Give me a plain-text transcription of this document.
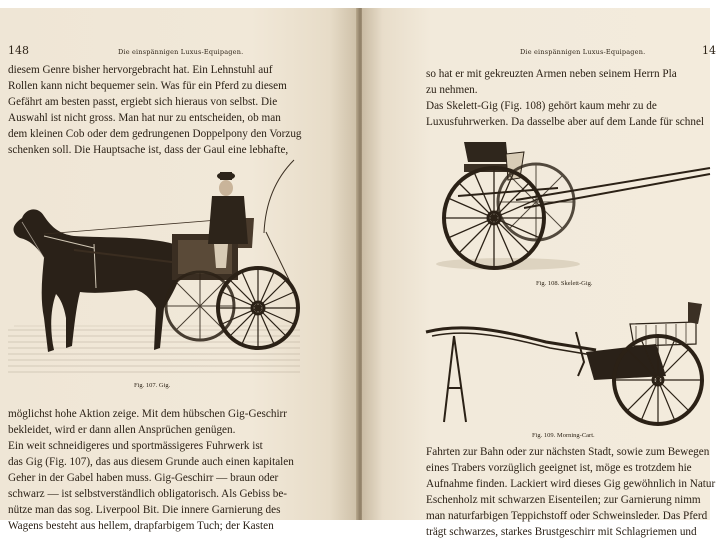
148	Die einspännigen Luxus-Equipagen.
diesem Genre bisher hervorgebracht hat. Ein Lehnstuhl auf
Rollen kann nicht bequemer sein. Was für ein Pferd zu diesem
Gefährt am besten passt, ergiebt sich hieraus von selbst. Die
Auswahl ist nicht gross. Man hat nur zu entscheiden, ob man
dem kleinen Cob oder dem gedrungenen Doppelpony den Vorzug
schenken soll. Die Hauptsache ist, dass der Gaul eine lebhafte,
Fig. 107. Gig.
möglichst hohe Aktion zeige. Mit dem hübschen Gig-Geschirr
bekleidet, wird er dann allen Ansprüchen genügen.
Ein weit schneidigeres und sportmässigeres Fuhrwerk ist
das Gig (Fig. 107), das aus diesem Grunde auch einen kapitalen
Geher in der Gabel haben muss. Gig-Geschirr — braun oder
schwarz — ist selbstverständlich obligatorisch. Als Gebiss be-
nütze man das sog. Liverpool Bit. Die innere Garnierung des
Wagens besteht aus hellem, drapfarbigem Tuch; der Kasten
Die einspännigen Luxus-Equipagen.	14
so hat er mit gekreuzten Armen neben seinem Herrn Pla
zu nehmen.
Das Skelett-Gig (Fig. 108) gehört kaum mehr zu de
Luxusfuhrwerken. Da dasselbe aber auf dem Lande für schnel
Fig. 108. Skelett-Gig.
Fig. 109. Morning-Cart.
Fahrten zur Bahn oder zur nächsten Stadt, sowie zum Bewegen
eines Trabers vorzüglich geeignet ist, möge es trotzdem hie
Aufnahme finden. Lackiert wird dieses Gig gewöhnlich in Natur
Eschenholz mit schwarzen Eisenteilen; zur Garnierung nimm
man naturfarbigen Teppichstoff oder Schweinsleder. Das Pferd
trägt schwarzes, starkes Brustgeschirr mit Schlagriemen und
